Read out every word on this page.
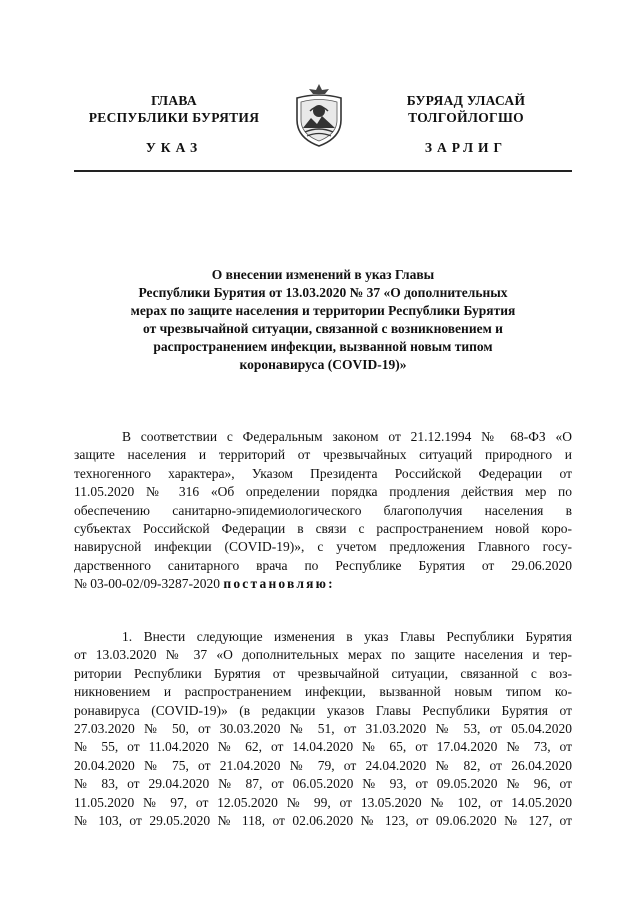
ГЛАВА
РЕСПУБЛИКИ БУРЯТИЯ
БУРЯАД УЛАСАЙ
ТОЛГОЙЛОГШО
УКАЗ	ЗАРЛИГ
О внесении изменений в указ Главы
Республики Бурятия от 13.03.2020 № 37 «О дополнительных
мерах по защите населения и территории Республики Бурятия
от чрезвычайной ситуации, связанной с возникновением и
распространением инфекции, вызванной новым типом
коронавируса (COVID-19)»
В соответствии с Федеральным законом от 21.12.1994 № 68-ФЗ «О
защите населения и территорий от чрезвычайных ситуаций природного и
техногенного характера», Указом Президента Российской Федерации от
11.05.2020 № 316 «Об определении порядка продления действия мер по
обеспечению санитарно-эпидемиологического благополучия населения в
субъектах Российской Федерации в связи с распространением новой коро-
навирусной инфекции (COVID-19)», с учетом предложения Главного госу-
дарственного санитарного врача по Республике Бурятия от 29.06.2020
№ 03-00-02/09-3287-2020 постановляю:
1. Внести следующие изменения в указ Главы Республики Бурятия
от 13.03.2020 № 37 «О дополнительных мерах по защите населения и тер-
ритории Республики Бурятия от чрезвычайной ситуации, связанной с воз-
никновением и распространением инфекции, вызванной новым типом ко-
ронавируса (COVID-19)» (в редакции указов Главы Республики Бурятия от
27.03.2020 № 50, от 30.03.2020 № 51, от 31.03.2020 № 53, от 05.04.2020
№ 55, от 11.04.2020 № 62, от 14.04.2020 № 65, от 17.04.2020 № 73, от
20.04.2020 № 75, от 21.04.2020 № 79, от 24.04.2020 № 82, от 26.04.2020
№ 83, от 29.04.2020 № 87, от 06.05.2020 № 93, от 09.05.2020 № 96, от
11.05.2020 № 97, от 12.05.2020 № 99, от 13.05.2020 № 102, от 14.05.2020
№ 103, от 29.05.2020 № 118, от 02.06.2020 № 123, от 09.06.2020 № 127, от
